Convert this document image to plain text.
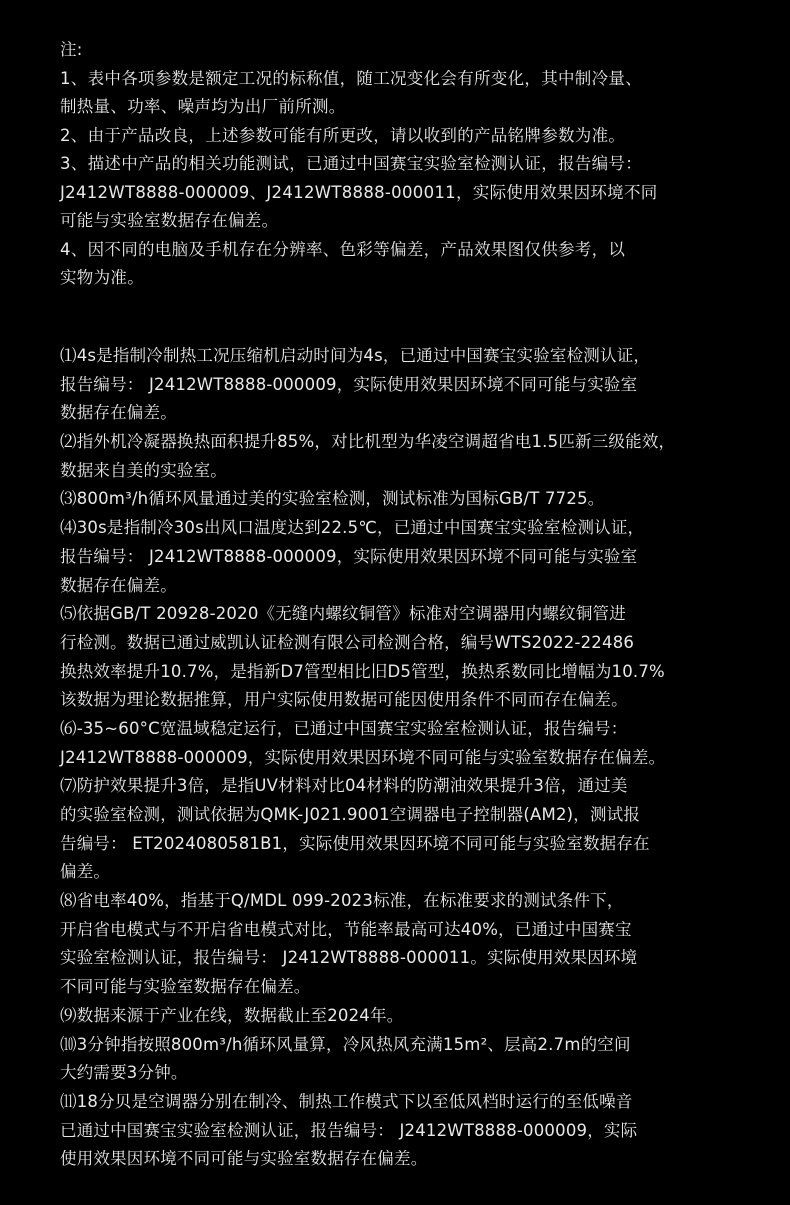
注:
1、表中各项参数是额定工况的标称值，随工况变化会有所变化，其中制冷量、
制热量、功率、噪声均为出厂前所测。
2、由于产品改良，上述参数可能有所更改，请以收到的产品铭牌参数为准。
3、描述中产品的相关功能测试，已通过中国赛宝实验室检测认证，报告编号：
J2412WT8888-000009、J2412WT8888-000011，实际使用效果因环境不同
可能与实验室数据存在偏差。
4、因不同的电脑及手机存在分辨率、色彩等偏差，产品效果图仅供参考，以
实物为准。
⑴4s是指制冷制热工况压缩机启动时间为4s，已通过中国赛宝实验室检测认证，
报告编号： J2412WT8888-000009，实际使用效果因环境不同可能与实验室
数据存在偏差。
⑵指外机冷凝器换热面积提升85%，对比机型为华凌空调超省电1.5匹新三级能效，
数据来自美的实验室。
⑶800m³/h循环风量通过美的实验室检测，测试标准为国标GB/T 7725。
⑷30s是指制冷30s出风口温度达到22.5℃，已通过中国赛宝实验室检测认证，
报告编号： J2412WT8888-000009，实际使用效果因环境不同可能与实验室
数据存在偏差。
⑸依据GB/T 20928-2020《无缝内螺纹铜管》标准对空调器用内螺纹铜管进
行检测。数据已通过威凯认证检测有限公司检测合格，编号WTS2022-22486
换热效率提升10.7%，是指新D7管型相比旧D5管型，换热系数同比增幅为10.7%
该数据为理论数据推算，用户实际使用数据可能因使用条件不同而存在偏差。
⑹-35~60°C宽温域稳定运行，已通过中国赛宝实验室检测认证，报告编号：
J2412WT8888-000009，实际使用效果因环境不同可能与实验室数据存在偏差。
⑺防护效果提升3倍，是指UV材料对比04材料的防潮油效果提升3倍，通过美
的实验室检测，测试依据为QMK-J021.9001空调器电子控制器(AM2)，测试报
告编号： ET2024080581B1，实际使用效果因环境不同可能与实验室数据存在
偏差。
⑻省电率40%，指基于Q/MDL 099-2023标准，在标准要求的测试条件下，
开启省电模式与不开启省电模式对比，节能率最高可达40%，已通过中国赛宝
实验室检测认证，报告编号： J2412WT8888-000011。实际使用效果因环境
不同可能与实验室数据存在偏差。
⑼数据来源于产业在线，数据截止至2024年。
⑽3分钟指按照800m³/h循环风量算，冷风热风充满15m²、层高2.7m的空间
大约需要3分钟。
⑾18分贝是空调器分别在制冷、制热工作模式下以至低风档时运行的至低噪音
已通过中国赛宝实验室检测认证，报告编号： J2412WT8888-000009，实际
使用效果因环境不同可能与实验室数据存在偏差。
